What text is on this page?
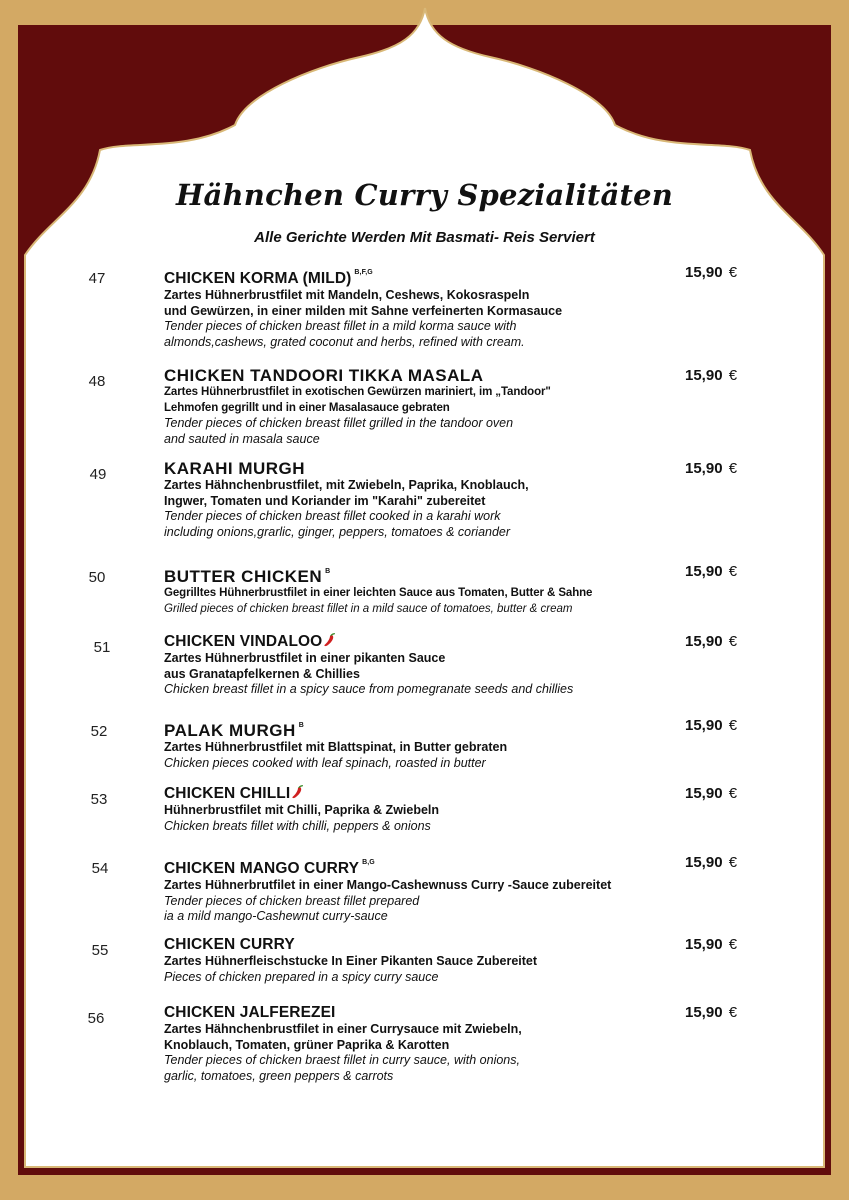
Hähnchen Curry Spezialitäten
Alle Gerichte Werden Mit Basmati- Reis Serviert
47	15,90 €
CHICKEN KORMA (MILD) $^{B,F,G}$
Zartes Hühnerbrustfilet mit Mandeln, Ceshews, Kokosraspeln
und Gewürzen, in einer milden mit Sahne verfeinerten Kormasauce
Tender pieces of chicken breast fillet in a mild korma sauce with
almonds,cashews, grated coconut and herbs, refined with cream.
48	15,90 €
CHICKEN TANDOORI TIKKA MASALA
Zartes Hühnerbrustfilet in exotischen Gewürzen mariniert, im „Tandoor"
Lehmofen gegrillt und in einer Masalasauce gebraten
Tender pieces of chicken breast fillet grilled in the tandoor oven
and sauted in masala sauce
49	15,90 €
KARAHI MURGH
Zartes Hähnchenbrustfilet, mit Zwiebeln, Paprika, Knoblauch,
Ingwer, Tomaten und Koriander im "Karahi" zubereitet
Tender pieces of chicken breast fillet cooked in a karahi work
including onions,grarlic, ginger, peppers, tomatoes & coriander
50	15,90 €
BUTTER CHICKEN $^B$
Gegrilltes Hühnerbrustfilet in einer leichten Sauce aus Tomaten, Butter & Sahne
Grilled pieces of chicken breast fillet in a mild sauce of tomatoes, butter & cream
51	15,90 €
CHICKEN VINDALOO
Zartes Hühnerbrustfilet in einer pikanten Sauce
aus Granatapfelkernen & Chillies
Chicken breast fillet in a spicy sauce from pomegranate seeds and chillies
52	15,90 €
PALAK MURGH $^B$
Zartes Hühnerbrustfilet mit Blattspinat, in Butter gebraten
Chicken pieces cooked with leaf spinach, roasted in butter
53	15,90 €
CHICKEN CHILLI
Hühnerbrustfilet mit Chilli, Paprika & Zwiebeln
Chicken breats fillet with chilli, peppers & onions
54	15,90 €
CHICKEN MANGO CURRY $^{B,G}$
Zartes Hühnerbrutfilet in einer Mango-Cashewnuss Curry -Sauce zubereitet
Tender pieces of chicken breast fillet prepared
ia a mild mango-Cashewnut curry-sauce
55	15,90 €
CHICKEN CURRY
Zartes Hühnerfleischstucke In Einer Pikanten Sauce Zubereitet
Pieces of chicken prepared in a spicy curry sauce
56	15,90 €
CHICKEN JALFEREZEI
Zartes Hähnchenbrustfilet in einer Currysauce mit Zwiebeln,
Knoblauch, Tomaten, grüner Paprika & Karotten
Tender pieces of chicken braest fillet in curry sauce, with onions,
garlic, tomatoes, green peppers & carrots
